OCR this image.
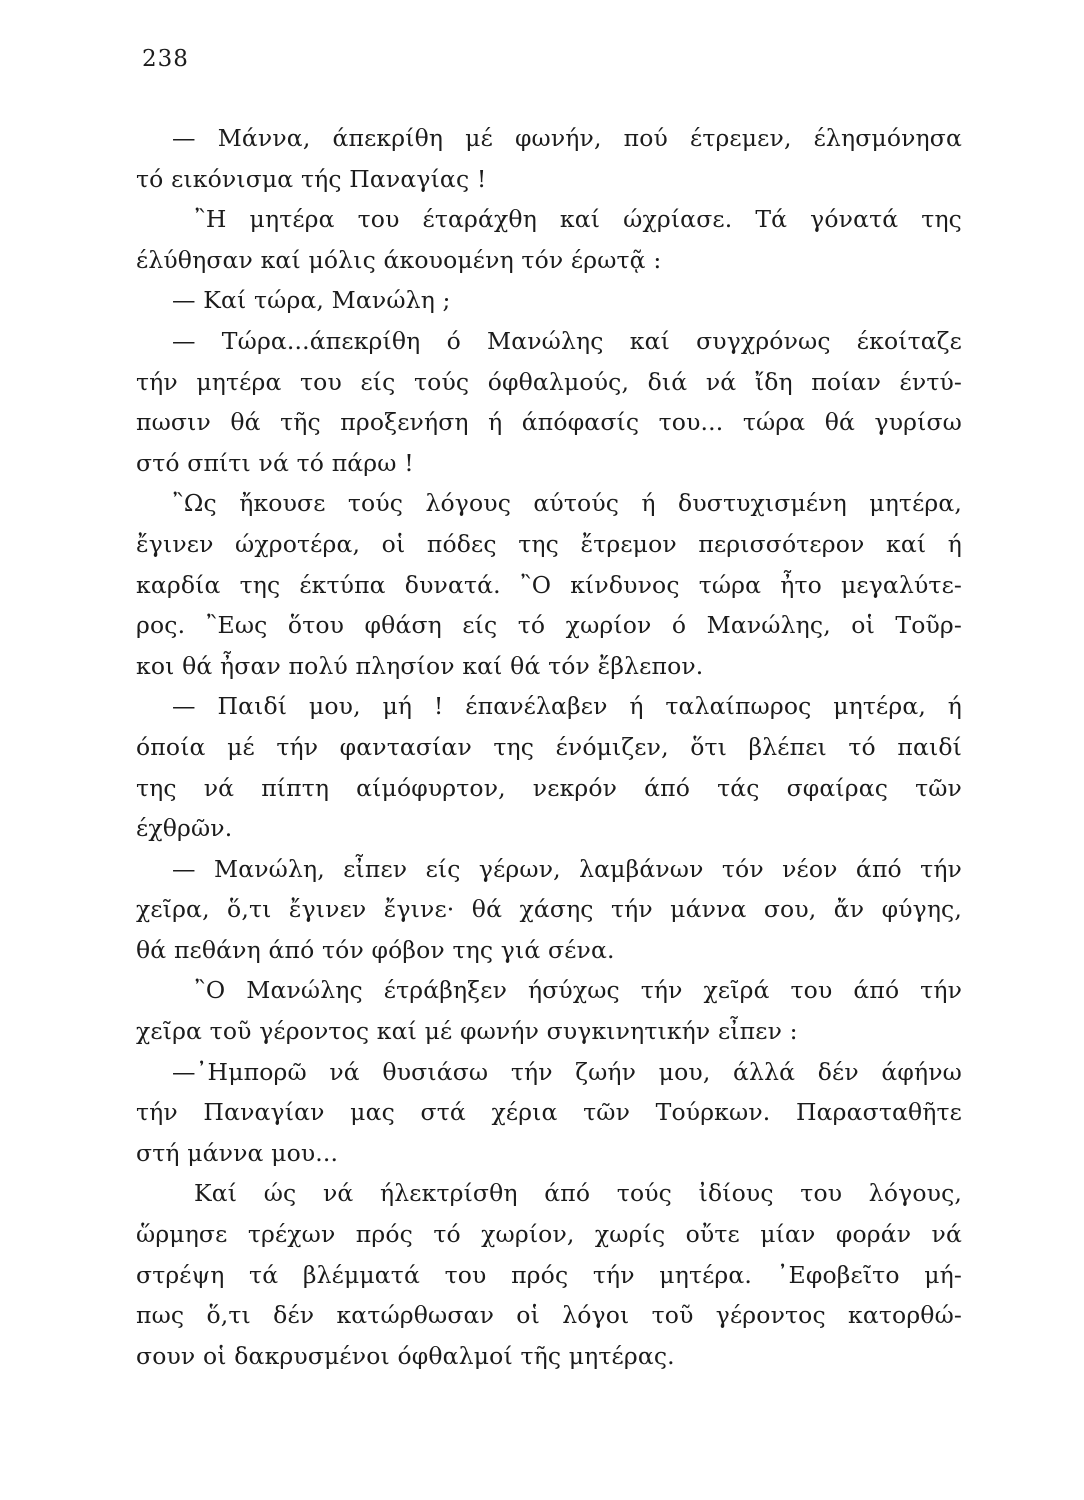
238
— Μάννα, άπεκρίθη μέ φωνήν, πού έτρεμεν, έλησμόνησα
τό εικόνισμα τής Παναγίας !
῍Η μητέρα του έταράχθη καί ώχρίασε. Τά γόνατά της
έλύθησαν καί μόλις άκουομένη τόν έρωτᾷ :
— Καί τώρα, Μανώλη ;
— Τώρα...άπεκρίθη ό Μανώλης καί συγχρόνως έκοίταζε
τήν μητέρα του είς τούς όφθαλμούς, διά νά ἴδη ποίαν έντύ-
πωσιν θά τῆς προξενήση ή άπόφασίς του... τώρα θά γυρίσω
στό σπίτι νά τό πάρω !
῍Ως ἤκουσε τούς λόγους αύτούς ή δυστυχισμένη μητέρα,
ἔγινεν ώχροτέρα, οἱ πόδες της ἔτρεμον περισσότερον καί ή
καρδία της έκτύπα δυνατά. ῍Ο κίνδυνος τώρα ἦτο μεγαλύτε-
ρος. ῍Εως ὅτου φθάση είς τό χωρίον ό Μανώλης, οἱ Τοῦρ-
κοι θά ἦσαν πολύ πλησίον καί θά τόν ἔβλεπον.
— Παιδί μου, μή ! έπανέλαβεν ή ταλαίπωρος μητέρα, ή
όποία μέ τήν φαντασίαν της ένόμιζεν, ὅτι βλέπει τό παιδί
της νά πίπτη αίμόφυρτον, νεκρόν άπό τάς σφαίρας τῶν
έχθρῶν.
— Μανώλη, εἶπεν είς γέρων, λαμβάνων τόν νέον άπό τήν
χεῖρα, ὅ,τι ἔγινεν ἔγινε· θά χάσης τήν μάννα σου, ἄν φύγης,
θά πεθάνη άπό τόν φόβον της γιά σένα.
῍Ο Μανώλης έτράβηξεν ήσύχως τήν χεῖρά του άπό τήν
χεῖρα τοῦ γέροντος καί μέ φωνήν συγκινητικήν εἶπεν :
—᾽Ημπορῶ νά θυσιάσω τήν ζωήν μου, άλλά δέν άφήνω
τήν Παναγίαν μας στά χέρια τῶν Τούρκων. Παρασταθῆτε
στή μάννα μου...
Καί ώς νά ήλεκτρίσθη άπό τούς ἰδίους του λόγους,
ὥρμησε τρέχων πρός τό χωρίον, χωρίς οὔτε μίαν φοράν νά
στρέψη τά βλέμματά του πρός τήν μητέρα. ᾽Εφοβεῖτο μή-
πως ὅ,τι δέν κατώρθωσαν οἱ λόγοι τοῦ γέροντος κατορθώ-
σουν οἱ δακρυσμένοι όφθαλμοί τῆς μητέρας.
